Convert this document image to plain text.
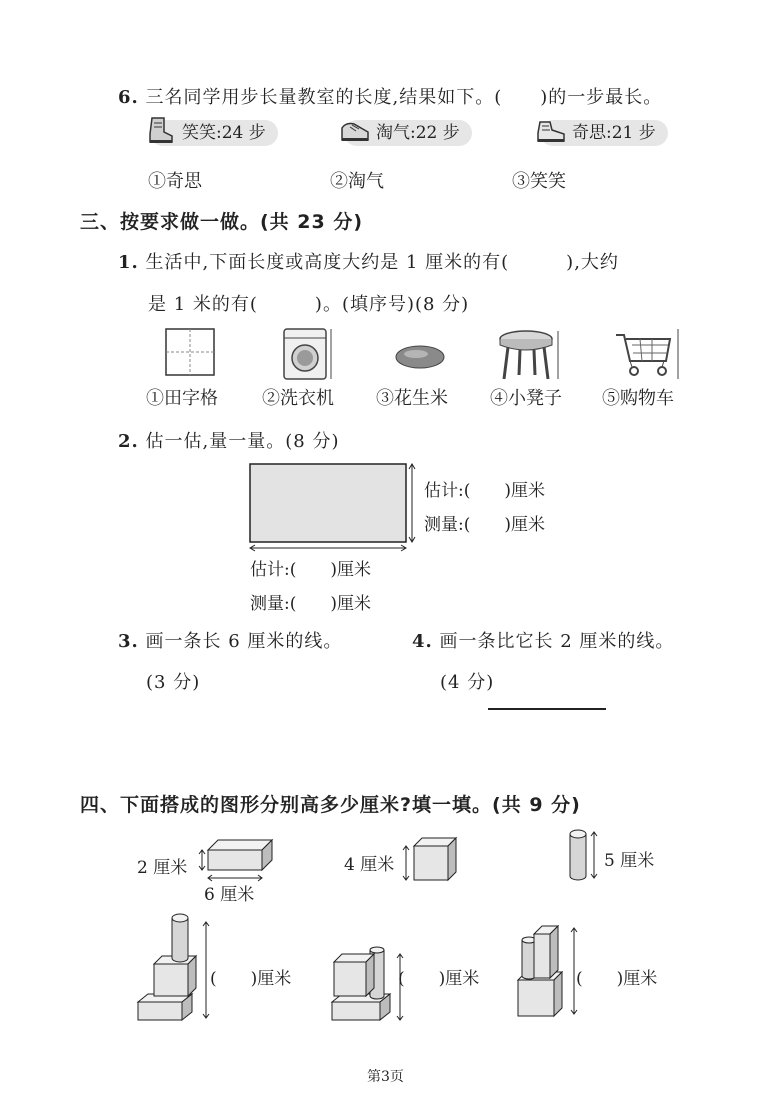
6. 三名同学用步长量教室的长度,结果如下。(　　)的一步最长。
笑笑:24 步	淘气:22 步	奇思:21 步
①奇思	②淘气	③笑笑
三、按要求做一做。(共 23 分)
1. 生活中,下面长度或高度大约是 1 厘米的有(　　　),大约
是 1 米的有(　　　)。(填序号)(8 分)
①田字格 ②洗衣机 ③花生米 ④小凳子 ⑤购物车
2. 估一估,量一量。(8 分)
估计:(　　)厘米
测量:(　　)厘米
估计:(　　)厘米
测量:(　　)厘米
3. 画一条长 6 厘米的线。
(3 分)
4. 画一条比它长 2 厘米的线。
(4 分)
四、下面搭成的图形分别高多少厘米?填一填。(共 9 分)
2 厘米
6 厘米
4 厘米	5 厘米
(　　)厘米	(　　)厘米	(　　)厘米
第3页
